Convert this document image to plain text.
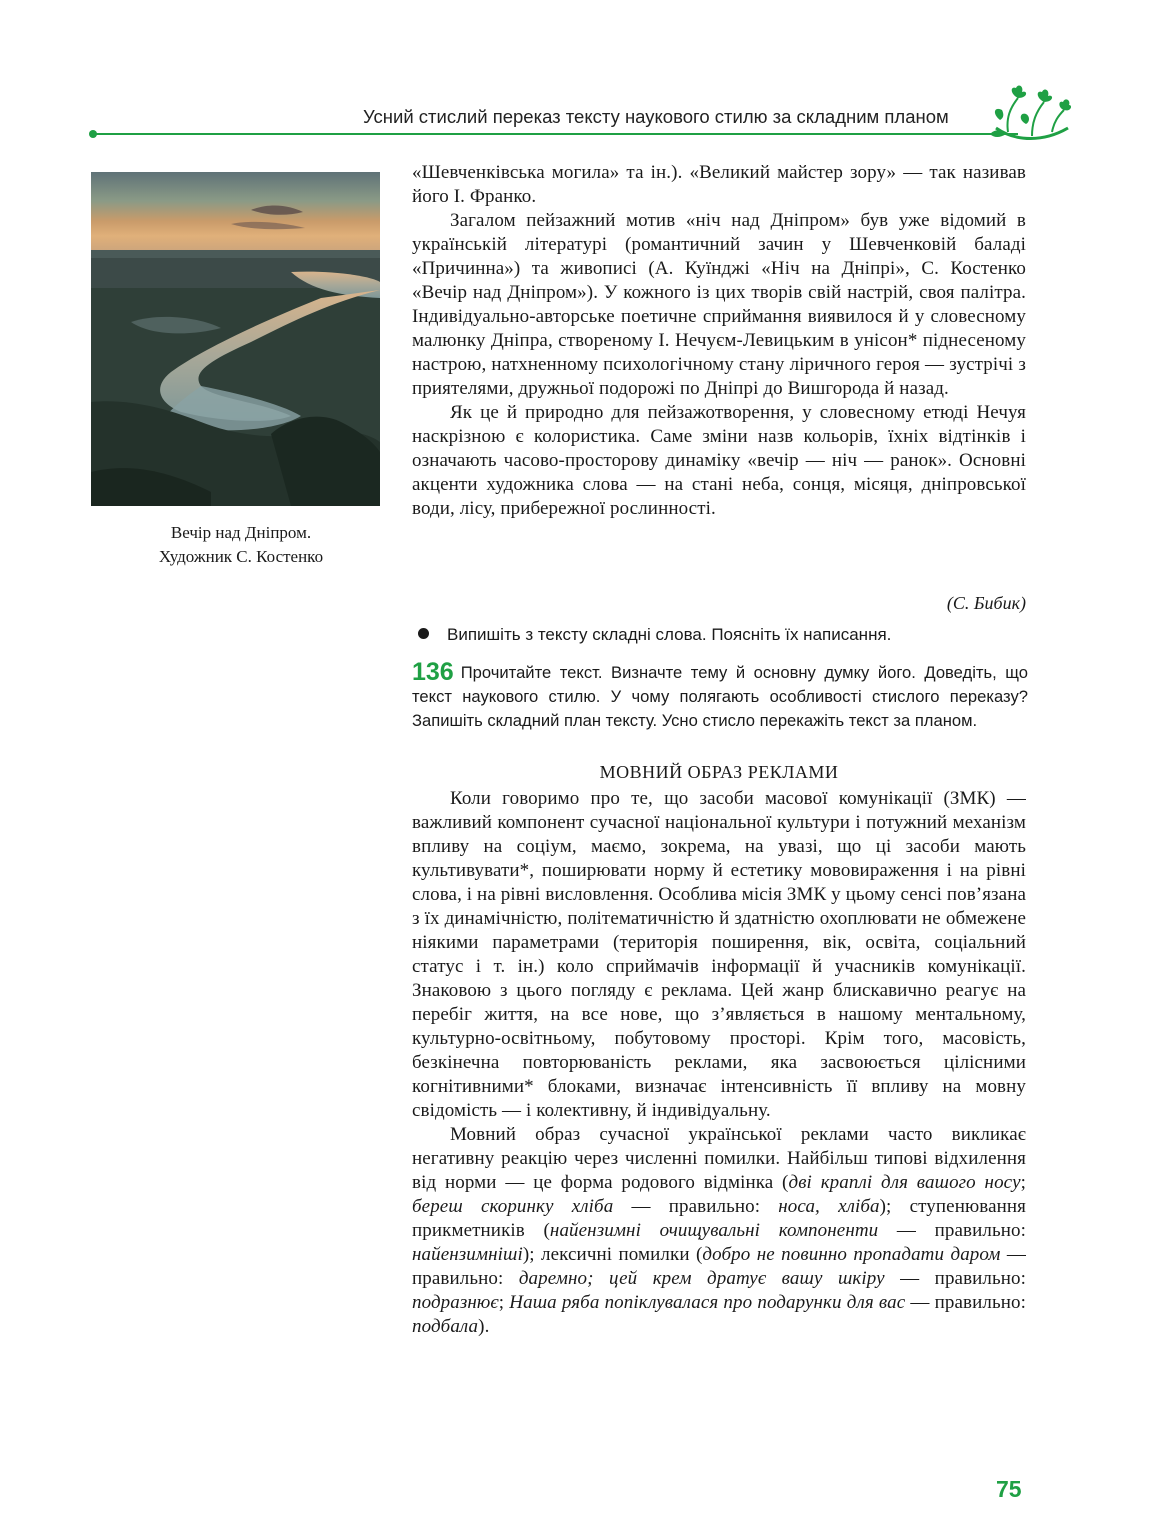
Усний стислий переказ тексту наукового стилю за складним планом
Вечір над Дніпром.
Художник С. Костенко

«Шевченківська могила» та ін.). «Великий майстер зору» — так називав його І. Франко.

Загалом пейзажний мотив «ніч над Дніпром» був уже відомий в українській літературі (романтичний зачин у Шевченковій баладі «Причинна») та живописі (А. Куїнджі «Ніч на Дніпрі», С. Костенко «Вечір над Дніпром»). У кожного із цих творів свій настрій, своя палітра. Індивідуально-авторське поетичне сприймання виявилося й у словесному малюнку Дніпра, створеному І. Нечуєм-Левицьким в унісон* піднесеному настрою, натхненному психологічному стану ліричного героя — зустрічі з приятелями, дружньої подорожі по Дніпрі до Вишгорода й назад.

Як це й природно для пейзажотворення, у словесному етюді Нечуя наскрізною є колористика. Саме зміни назв кольорів, їхніх відтінків і означають часово-просторову динаміку «вечір — ніч — ранок». Основні акценти художника слова — на стані неба, сонця, місяця, дніпровської води, лісу, прибережної рослинності.

(С. Бибик)
Випишіть з тексту складні слова. Поясніть їх написання.
136 Прочитайте текст. Визначте тему й основну думку його. Доведіть, що текст наукового стилю. У чому полягають особливості стислого переказу? Запишіть складний план тексту. Усно стисло перекажіть текст за планом.
МОВНИЙ ОБРАЗ РЕКЛАМИ

Коли говоримо про те, що засоби масової комунікації (ЗМК) — важливий компонент сучасної національної культури і потужний механізм впливу на соціум, маємо, зокрема, на увазі, що ці засоби мають культивувати*, поширювати норму й естетику мововираження і на рівні слова, і на рівні висловлення. Особлива місія ЗМК у цьому сенсі пов’язана з їх динамічністю, політематичністю й здатністю охоплювати не обмежене ніякими параметрами (територія поширення, вік, освіта, соціальний статус і т. ін.) коло сприймачів інформації й учасників комунікації. Знаковою з цього погляду є реклама. Цей жанр блискавично реагує на перебіг життя, на все нове, що з’являється в нашому ментальному, культурно-освітньому, побутовому просторі. Крім того, масовість, безкінечна повторюваність реклами, яка засвоюється цілісними когнітивними* блоками, визначає інтенсивність її впливу на мовну свідомість — і колективну, й індивідуальну.

Мовний образ сучасної української реклами часто викликає негативну реакцію через численні помилки. Найбільш типові відхилення від норми — це форма родового відмінка (дві краплі для вашого носу; береш скоринку хліба — правильно: носа, хліба); ступенювання прикметників (найензимні очищувальні компоненти — правильно: найензимніші); лексичні помилки (добро не повинно пропадати даром — правильно: даремно; цей крем дратує вашу шкіру — правильно: подразнює; Наша ряба попіклувалася про подарунки для вас — правильно: подбала).

75
